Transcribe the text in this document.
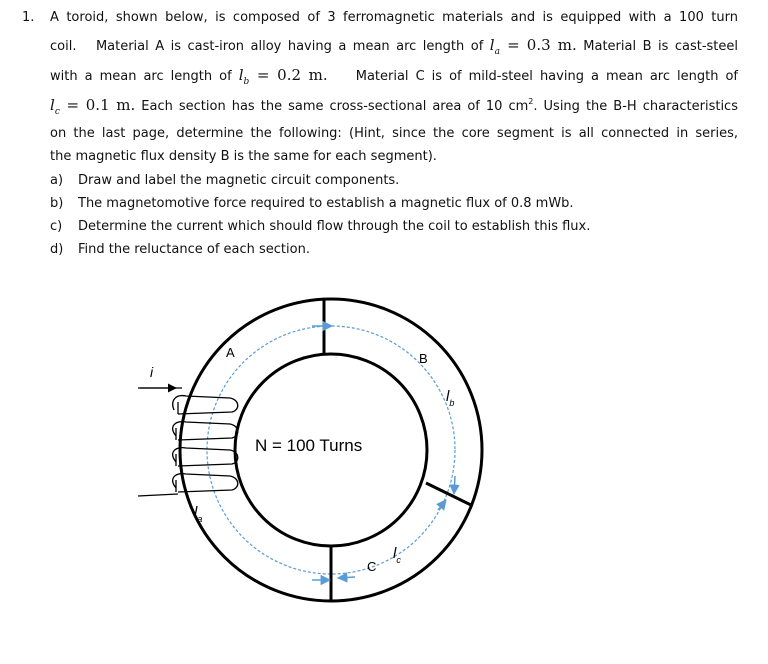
1. A toroid, shown below, is composed of 3 ferromagnetic materials and is equipped with a 100 turn
coil. Material A is cast-iron alloy having a mean arc length of $l_a = 0.3$ m. Material B is cast-steel
with a mean arc length of $l_b = 0.2$ m. Material C is of mild-steel having a mean arc length of
$l_c = 0.1$ m. Each section has the same cross-sectional area of 10 $cm^2$. Using the B-H characteristics
on the last page, determine the following: (Hint, since the core segment is all connected in series,
the magnetic flux density B is the same for each segment).
a) Draw and label the magnetic circuit components.
b) The magnetomotive force required to establish a magnetic flux of 0.8 mWb.
c) Determine the current which should flow through the coil to establish this flux.
d) Find the reluctance of each section.
i
A	B
C
$l_a$
$l_b$
$l_c$
N = 100 Turns
